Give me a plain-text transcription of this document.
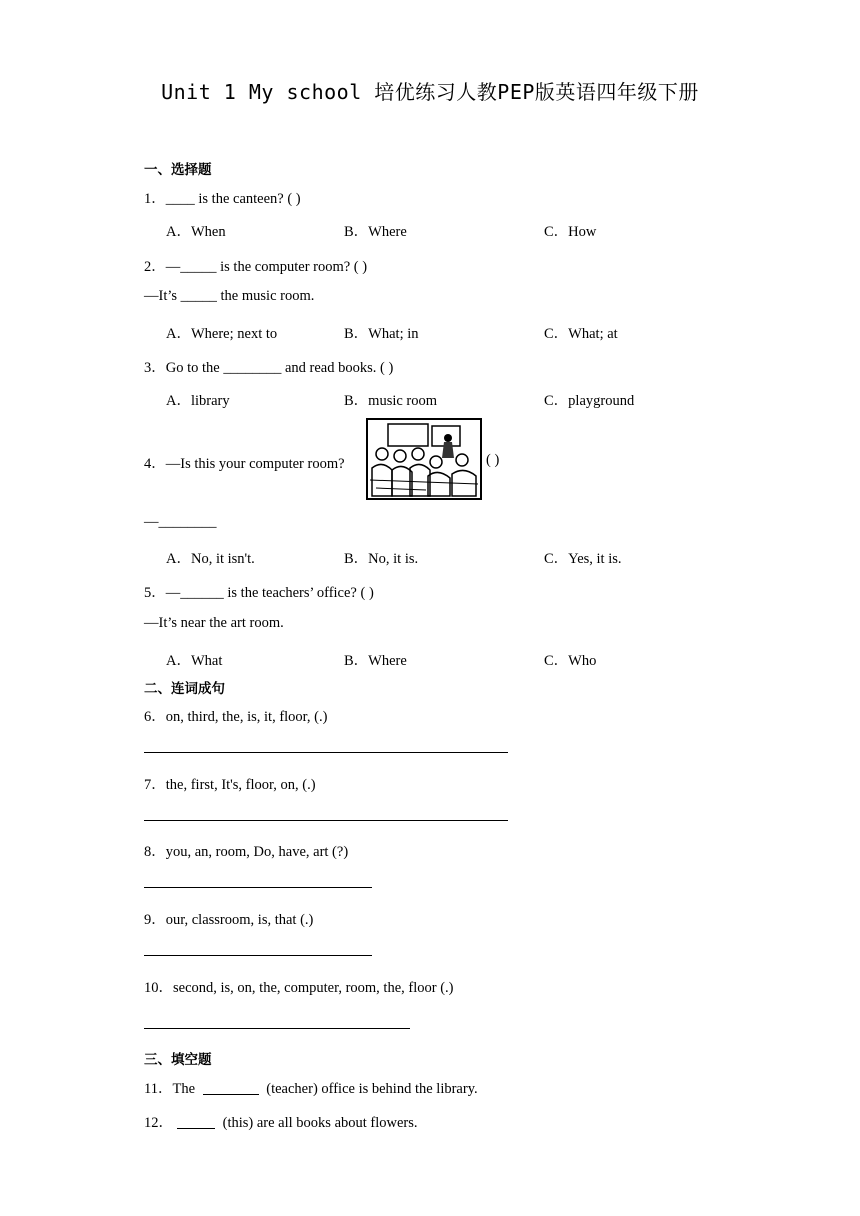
Unit 1 My school 培优练习人教PEP版英语四年级下册
一、选择题
1．____ is the canteen? ( )
A．When	B．Where	C．How
2．—_____ is the computer room? ( )
—It’s _____ the music room.
A．Where; next to	B．What; in	C．What; at
3．Go to the ________ and read books. ( )
A．library	B．music room	C．playground
4．—Is this your computer room?	( )
—________
A．No, it isn't.	B．No, it is.	C．Yes, it is.
5．—______ is the teachers’ office? ( )
—It’s near the art room.
A．What	B．Where	C．Who
二、连词成句
6．on, third, the, is, it, floor, (.)
7．the, first, It's, floor, on, (.)
8．you, an, room, Do, have, art (?)
9．our, classroom, is, that (.)
10．second, is, on, the, computer, room, the, floor (.)
三、填空题
11．The	(teacher) office is behind the library.
12．	(this) are all books about flowers.
